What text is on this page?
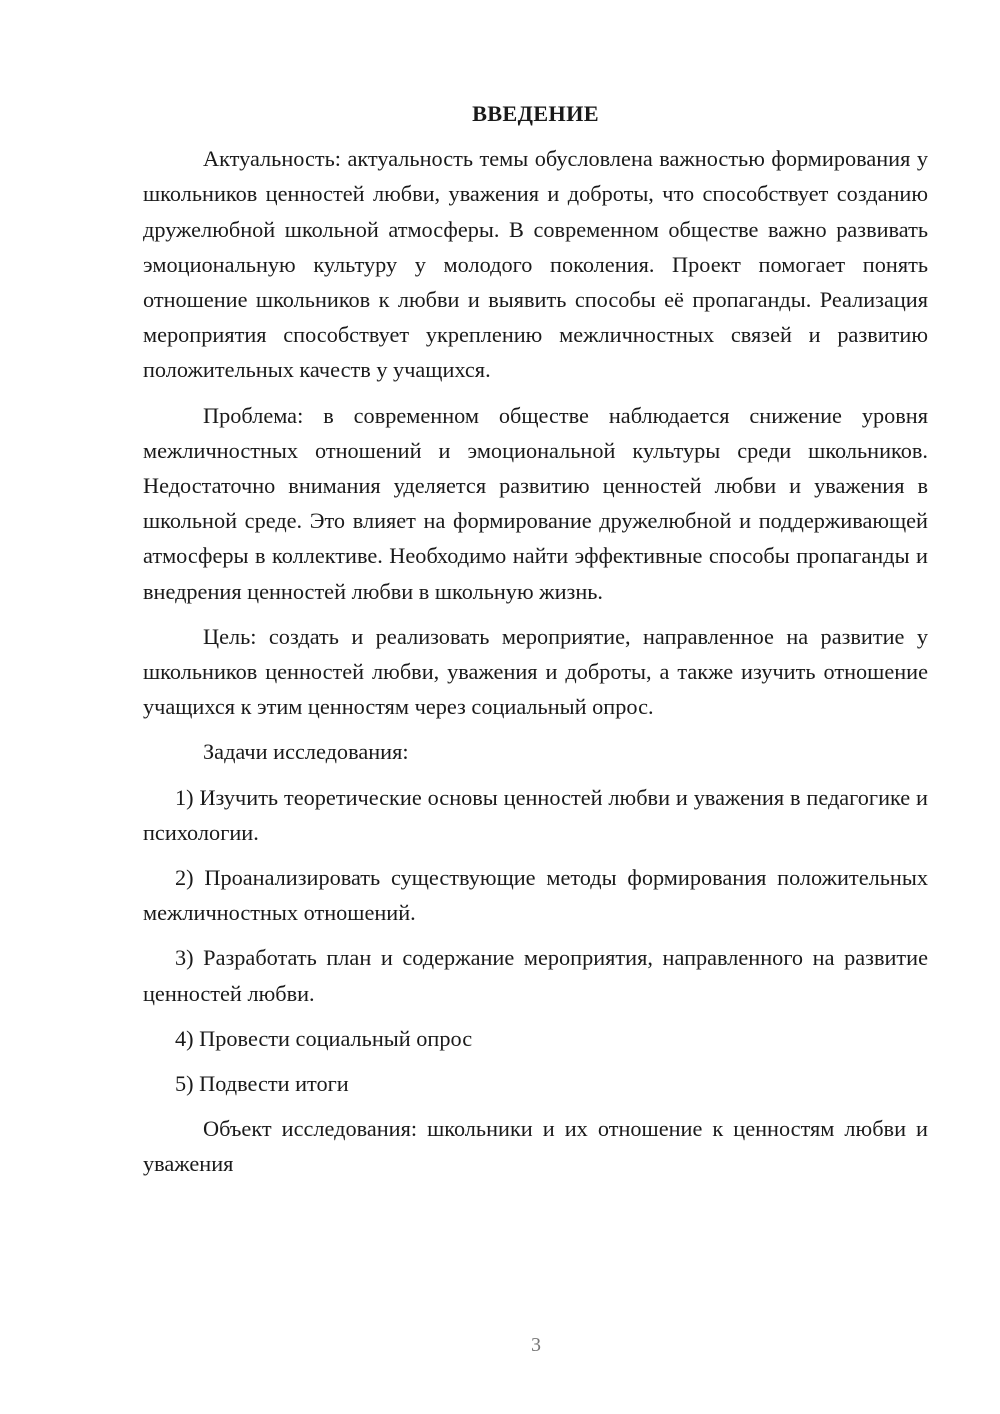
ВВЕДЕНИЕ

Актуальность: актуальность темы обусловлена важностью формирования у школьников ценностей любви, уважения и доброты, что способствует созданию дружелюбной школьной атмосферы. В современном обществе важно развивать эмоциональную культуру у молодого поколения. Проект помогает понять отношение школьников к любви и выявить способы её пропаганды. Реализация мероприятия способствует укреплению межличностных связей и развитию положительных качеств у учащихся.

Проблема: в современном обществе наблюдается снижение уровня межличностных отношений и эмоциональной культуры среди школьников. Недостаточно внимания уделяется развитию ценностей любви и уважения в школьной среде. Это влияет на формирование дружелюбной и поддерживающей атмосферы в коллективе. Необходимо найти эффективные способы пропаганды и внедрения ценностей любви в школьную жизнь.

Цель: создать и реализовать мероприятие, направленное на развитие у школьников ценностей любви, уважения и доброты, а также изучить отношение учащихся к этим ценностям через социальный опрос.

Задачи исследования:

1) Изучить теоретические основы ценностей любви и уважения в педагогике и психологии.

2) Проанализировать существующие методы формирования положительных межличностных отношений.

3) Разработать план и содержание мероприятия, направленного на развитие ценностей любви.

4) Провести социальный опрос

5) Подвести итоги

Объект исследования: школьники и их отношение к ценностям любви и уважения

3
